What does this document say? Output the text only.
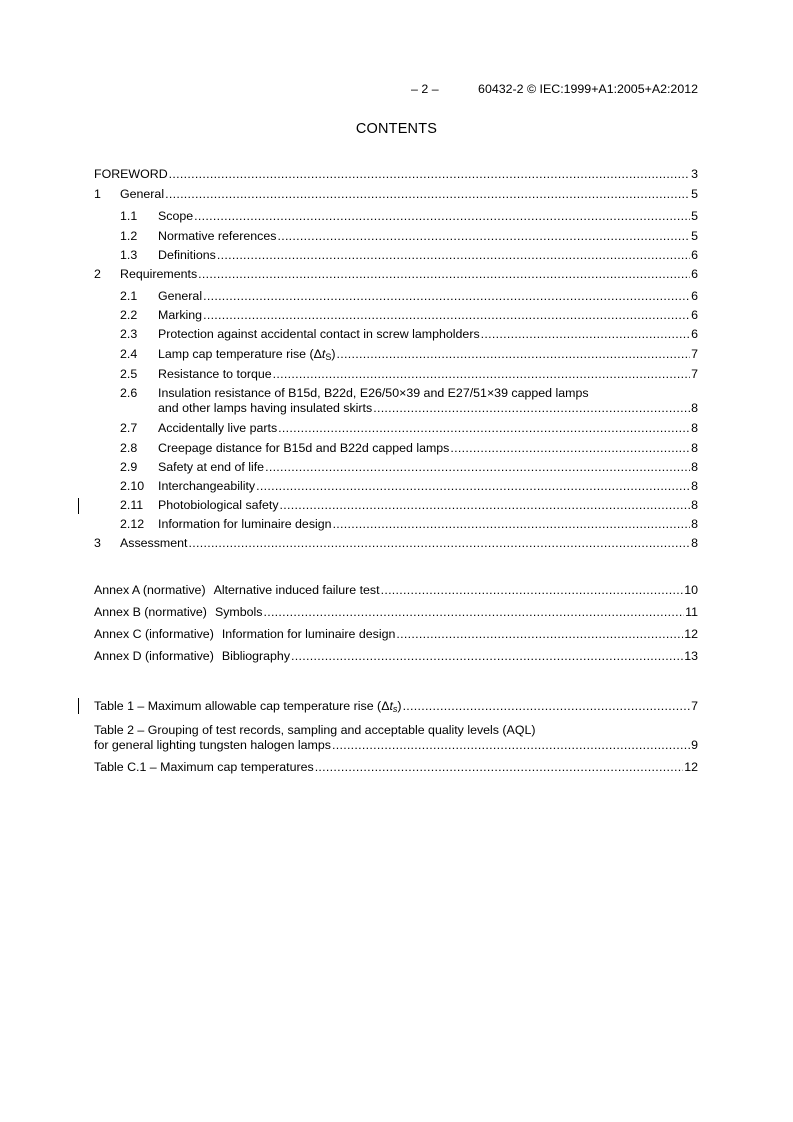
– 2 –	60432-2 © IEC:1999+A1:2005+A2:2012
CONTENTS
FOREWORD .....	3
1	General .....	5
1.1	Scope .....	5
1.2	Normative references .....	5
1.3	Definitions .....	6
2	Requirements .....	6
2.1	General .....	6
2.2	Marking .....	6
2.3	Protection against accidental contact in screw lampholders .....	6
2.4	Lamp cap temperature rise $(\Delta t_S)$ .....	7
2.5	Resistance to torque .....	7
2.6	Insulation resistance of B15d, B22d, E26/50×39 and E27/51×39 capped lamps
and other lamps having insulated skirts .....	8
2.7	Accidentally live parts .....	8
2.8	Creepage distance for B15d and B22d capped lamps .....	8
2.9	Safety at end of life .....	8
2.10	Interchangeability .....	8
2.11	Photobiological safety .....	8
2.12	Information for luminaire design .....	8
3	Assessment .....	8
Annex A (normative) Alternative induced failure test .....	10
Annex B (normative) Symbols .....	11
Annex C (informative) Information for luminaire design .....	12
Annex D (informative) Bibliography .....	13
Table 1 – Maximum allowable cap temperature rise $(\Delta t_s)$ .....	7
Table 2 – Grouping of test records, sampling and acceptable quality levels (AQL)
for general lighting tungsten halogen lamps .....	9
Table C.1 – Maximum cap temperatures .....	12
